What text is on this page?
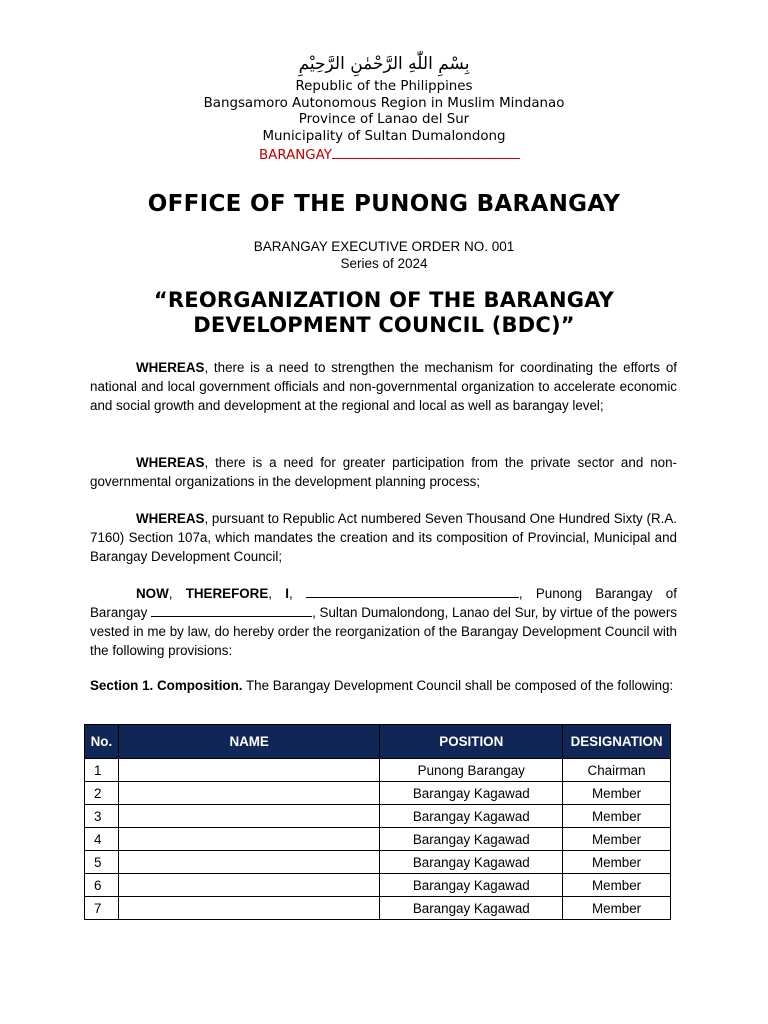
بِسْمِ اللّٰهِ الرَّحْمٰنِ الرَّحِيْمِ
Republic of the Philippines
Bangsamoro Autonomous Region in Muslim Mindanao
Province of Lanao del Sur
Municipality of Sultan Dumalondong
BARANGAY
OFFICE OF THE PUNONG BARANGAY
BARANGAY EXECUTIVE ORDER NO. 001
Series of 2024
“REORGANIZATION OF THE BARANGAY
DEVELOPMENT COUNCIL (BDC)”

WHEREAS, there is a need to strengthen the mechanism for coordinating the efforts of national and local government officials and non-governmental organization to accelerate economic and social growth and development at the regional and local as well as barangay level;

WHEREAS, there is a need for greater participation from the private sector and non-governmental organizations in the development planning process;

WHEREAS, pursuant to Republic Act numbered Seven Thousand One Hundred Sixty (R.A. 7160) Section 107a, which mandates the creation and its composition of Provincial, Municipal and Barangay Development Council;

NOW, THEREFORE, I,	, Punong Barangay of Barangay	, Sultan Dumalondong, Lanao del Sur, by virtue of the powers vested in me by law, do hereby order the reorganization of the Barangay Development Council with the following provisions:

Section 1. Composition. The Barangay Development Council shall be composed of the following:

No.	NAME	POSITION	DESIGNATION
1		Punong Barangay	Chairman
2		Barangay Kagawad	Member
3		Barangay Kagawad	Member
4		Barangay Kagawad	Member
5		Barangay Kagawad	Member
6		Barangay Kagawad	Member
7		Barangay Kagawad	Member
